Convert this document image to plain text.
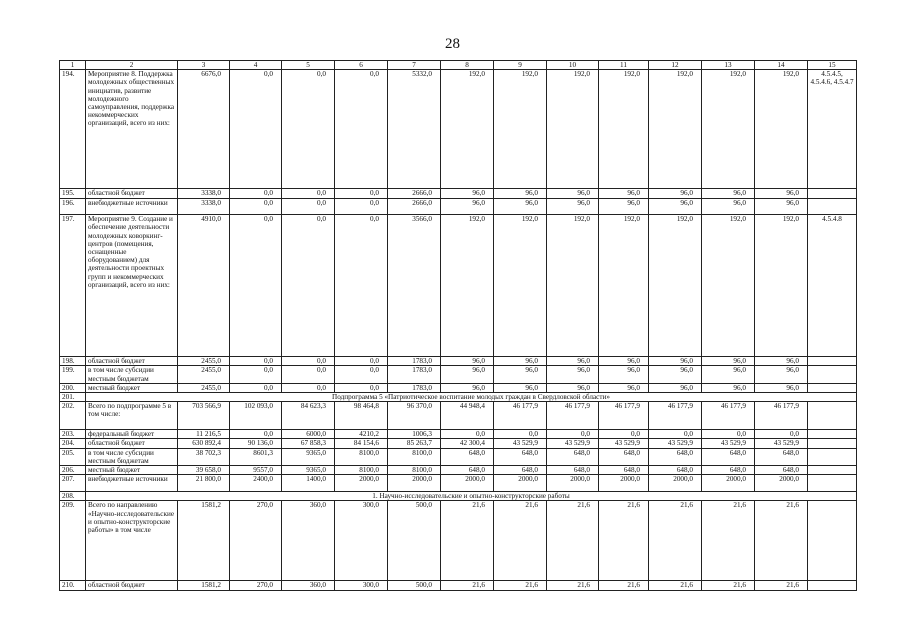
28
1	2	3	4	5	6	7	8	9	10	11	12	13	14	15
194.	Мероприятие 8. Поддержка молодежных общественных инициатив, развитие молодежного самоуправления, поддержка некоммерческих организаций, всего из них:	6676,0	0,0	0,0	0,0	5332,0	192,0	192,0	192,0	192,0	192,0	192,0	192,0	4.5.4.5, 4.5.4.6, 4.5.4.7
195.	областной бюджет	3338,0	0,0	0,0	0,0	2666,0	96,0	96,0	96,0	96,0	96,0	96,0	96,0	
196.	внебюджетные источники	3338,0	0,0	0,0	0,0	2666,0	96,0	96,0	96,0	96,0	96,0	96,0	96,0	
197.	Мероприятие 9. Создание и обеспечение деятельности молодежных коворкинг-центров (помещения, оснащенные оборудованием) для деятельности проектных групп и некоммерческих организаций, всего из них:	4910,0	0,0	0,0	0,0	3566,0	192,0	192,0	192,0	192,0	192,0	192,0	192,0	4.5.4.8
198.	областной бюджет	2455,0	0,0	0,0	0,0	1783,0	96,0	96,0	96,0	96,0	96,0	96,0	96,0	
199.	в том числе субсидии местным бюджетам	2455,0	0,0	0,0	0,0	1783,0	96,0	96,0	96,0	96,0	96,0	96,0	96,0	
200.	местный бюджет	2455,0	0,0	0,0	0,0	1783,0	96,0	96,0	96,0	96,0	96,0	96,0	96,0	
201.	Подпрограмма 5 «Патриотическое воспитание молодых граждан в Свердловской области»													
202.	Всего по подпрограмме 5 в том числе:	703 566,9	102 093,0	84 623,3	98 464,8	96 370,0	44 948,4	46 177,9	46 177,9	46 177,9	46 177,9	46 177,9	46 177,9	
203.	федеральный бюджет	11 216,5	0,0	6000,0	4210,2	1006,3	0,0	0,0	0,0	0,0	0,0	0,0	0,0	
204.	областной бюджет	630 892,4	90 136,0	67 858,3	84 154,6	85 263,7	42 300,4	43 529,9	43 529,9	43 529,9	43 529,9	43 529,9	43 529,9	
205.	в том числе субсидии местным бюджетам	38 702,3	8601,3	9365,0	8100,0	8100,0	648,0	648,0	648,0	648,0	648,0	648,0	648,0	
206.	местный бюджет	39 658,0	9557,0	9365,0	8100,0	8100,0	648,0	648,0	648,0	648,0	648,0	648,0	648,0	
207.	внебюджетные источники	21 800,0	2400,0	1400,0	2000,0	2000,0	2000,0	2000,0	2000,0	2000,0	2000,0	2000,0	2000,0	
208.	1. Научно-исследовательские и опытно-конструкторские работы													
209.	Всего по направлению «Научно-исследовательские и опытно-конструкторские работы» в том числе	1581,2	270,0	360,0	300,0	500,0	21,6	21,6	21,6	21,6	21,6	21,6	21,6	
210.	областной бюджет	1581,2	270,0	360,0	300,0	500,0	21,6	21,6	21,6	21,6	21,6	21,6	21,6	
